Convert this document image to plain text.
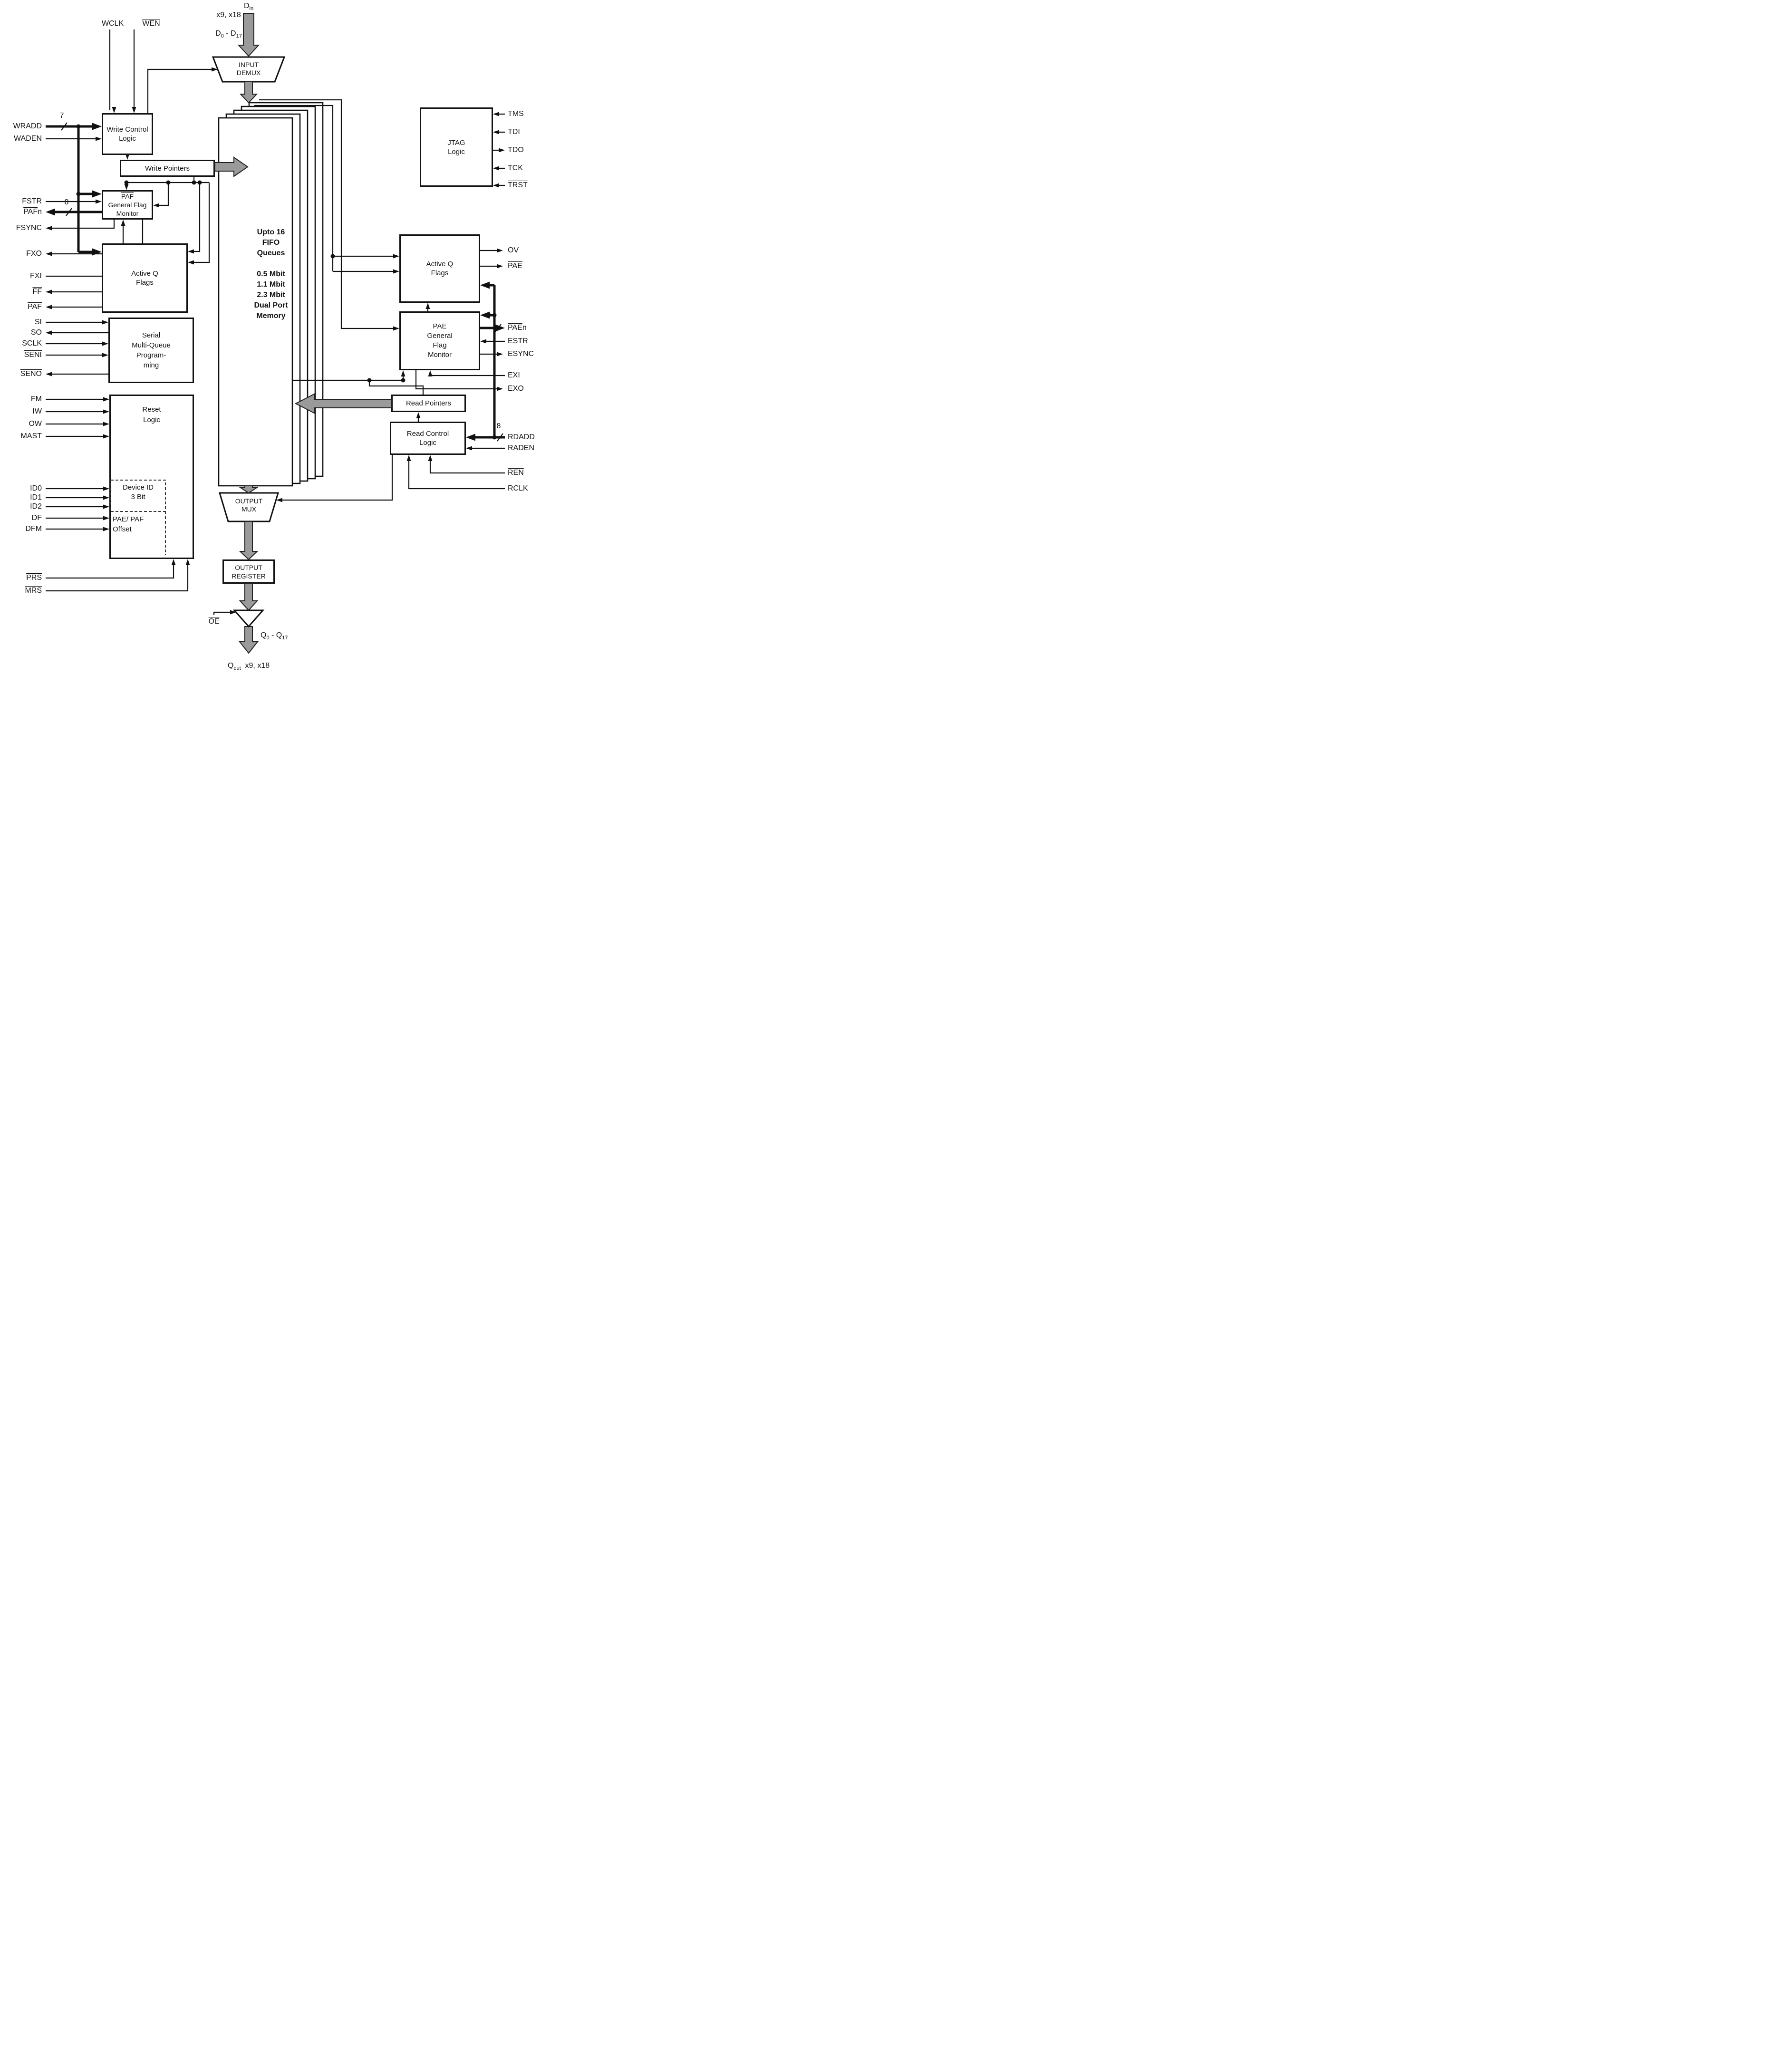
Write Control
Logic
Write Pointers
$\overline{PAF}$
General Flag
Monitor
Active Q
Flags
Serial
Multi-Queue
Program-
ming
Reset
Logic
JTAG
Logic
Active Q
Flags
PAE
General
Flag
Monitor
Read Pointers
Read Control
Logic
OUTPUT
REGISTER
Upto 16
FIFO
Queues

0.5 Mbit
1.1 Mbit
2.3 Mbit
Dual Port
Memory
INPUT
DEMUX
OUTPUT
MUX
Device ID
3 Bit
$\overline{PAE}/$ $\overline{PAF}$
Offset
WCLK $\overline{WEN}$
$D_{in}$
x9, x18
$D_0 - D_{17}$
WRADD
WADEN
FSTR
$\overline{PAF}n$
FSYNC
FXO
FXI
$\overline{FF}$
$\overline{PAF}$
SI
SO
SCLK
SENI
SENO
FM
IW
OW
MAST
ID0
ID1
ID2
DF
DFM
$\overline{PRS}$
$\overline{MRS}$
TMS
TDI
TDO
TCK
TRST
$\overline{OV}$
$\overline{PAE}$
$\overline{PAE}n$
ESTR
ESYNC
EXI
EXO
RDADD
RADEN
$\overline{REN}$
RCLK
$\overline{OE}$
$Q_0 - Q_{17}$
$Q_{out}$  x9, x18
7
8
8
8
